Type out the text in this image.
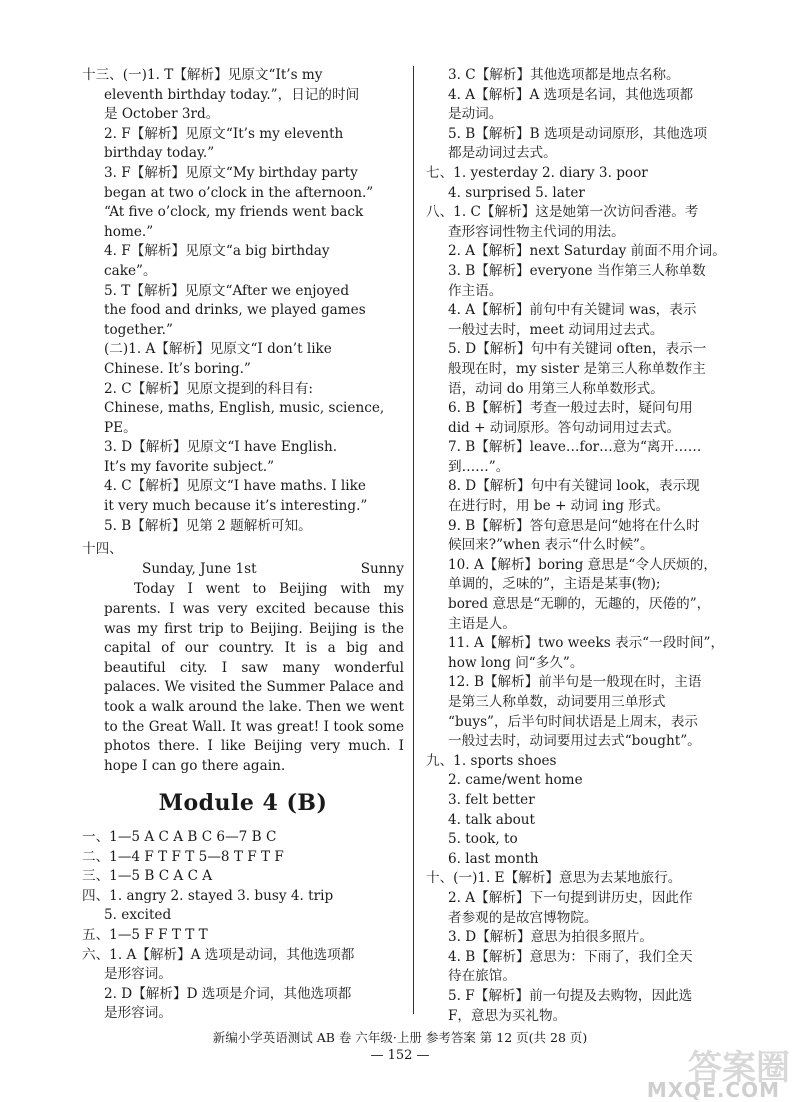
十三、(一)1. T【解析】见原文“It’s my
eleventh birthday today.”，日记的时间
是 October 3rd。
2. F【解析】见原文“It’s my eleventh
birthday today.”
3. F【解析】见原文“My birthday party
began at two o’clock in the afternoon.”
“At five o’clock, my friends went back
home.”
4. F【解析】见原文“a big birthday
cake”。
5. T【解析】见原文“After we enjoyed
the food and drinks, we played games
together.”
(二)1. A【解析】见原文“I don’t like
Chinese. It’s boring.”
2. C【解析】见原文提到的科目有:
Chinese, maths, English, music, science,
PE。
3. D【解析】见原文“I have English.
It’s my favorite subject.”
4. C【解析】见原文“I have maths. I like
it very much because it’s interesting.”
5. B【解析】见第 2 题解析可知。
十四、
Sunday, June 1st	Sunny
Today I went to Beijing with my parents. I was very excited because this was my first trip to Beijing. Beijing is the capital of our country. It is a big and beautiful city. I saw many wonderful palaces. We visited the Summer Palace and took a walk around the lake. Then we went to the Great Wall. It was great! I took some photos there. I like Beijing very much. I hope I can go there again.
Module 4 (B)
一、1—5 A C A B C 6—7 B C
二、1—4 F T F T 5—8 T F T F
三、1—5 B C A C A
四、1. angry 2. stayed 3. busy 4. trip
5. excited
五、1—5 F F T T T
六、1. A【解析】A 选项是动词，其他选项都
是形容词。
2. D【解析】D 选项是介词，其他选项都
是形容词。
3. C【解析】其他选项都是地点名称。
4. A【解析】A 选项是名词，其他选项都
是动词。
5. B【解析】B 选项是动词原形，其他选项
都是动词过去式。
七、1. yesterday 2. diary 3. poor
4. surprised 5. later
八、1. C【解析】这是她第一次访问香港。考
查形容词性物主代词的用法。
2. A【解析】next Saturday 前面不用介词。
3. B【解析】everyone 当作第三人称单数
作主语。
4. A【解析】前句中有关键词 was，表示
一般过去时，meet 动词用过去式。
5. D【解析】句中有关键词 often，表示一
般现在时，my sister 是第三人称单数作主
语，动词 do 用第三人称单数形式。
6. B【解析】考查一般过去时，疑问句用
did + 动词原形。答句动词用过去式。
7. B【解析】leave…for…意为“离开……
到……”。
8. D【解析】句中有关键词 look，表示现
在进行时，用 be + 动词 ing 形式。
9. B【解析】答句意思是问“她将在什么时
候回来?”when 表示“什么时候”。
10. A【解析】boring 意思是“令人厌烦的，
单调的，乏味的”，主语是某事(物);
bored 意思是“无聊的，无趣的，厌倦的”，
主语是人。
11. A【解析】two weeks 表示“一段时间”，
how long 问“多久”。
12. B【解析】前半句是一般现在时，主语
是第三人称单数，动词要用三单形式
“buys”，后半句时间状语是上周末，表示
一般过去时，动词要用过去式“bought”。
九、1. sports shoes
2. came/went home
3. felt better
4. talk about
5. took, to
6. last month
十、(一)1. E【解析】意思为去某地旅行。
2. A【解析】下一句提到讲历史，因此作
者参观的是故宫博物院。
3. D【解析】意思为拍很多照片。
4. B【解析】意思为：下雨了，我们全天
待在旅馆。
5. F【解析】前一句提及去购物，因此选
F，意思为买礼物。
新编小学英语测试 AB 卷 六年级·上册 参考答案 第 12 页(共 28 页)
— 152 —	答案圈
MXQE.COM
